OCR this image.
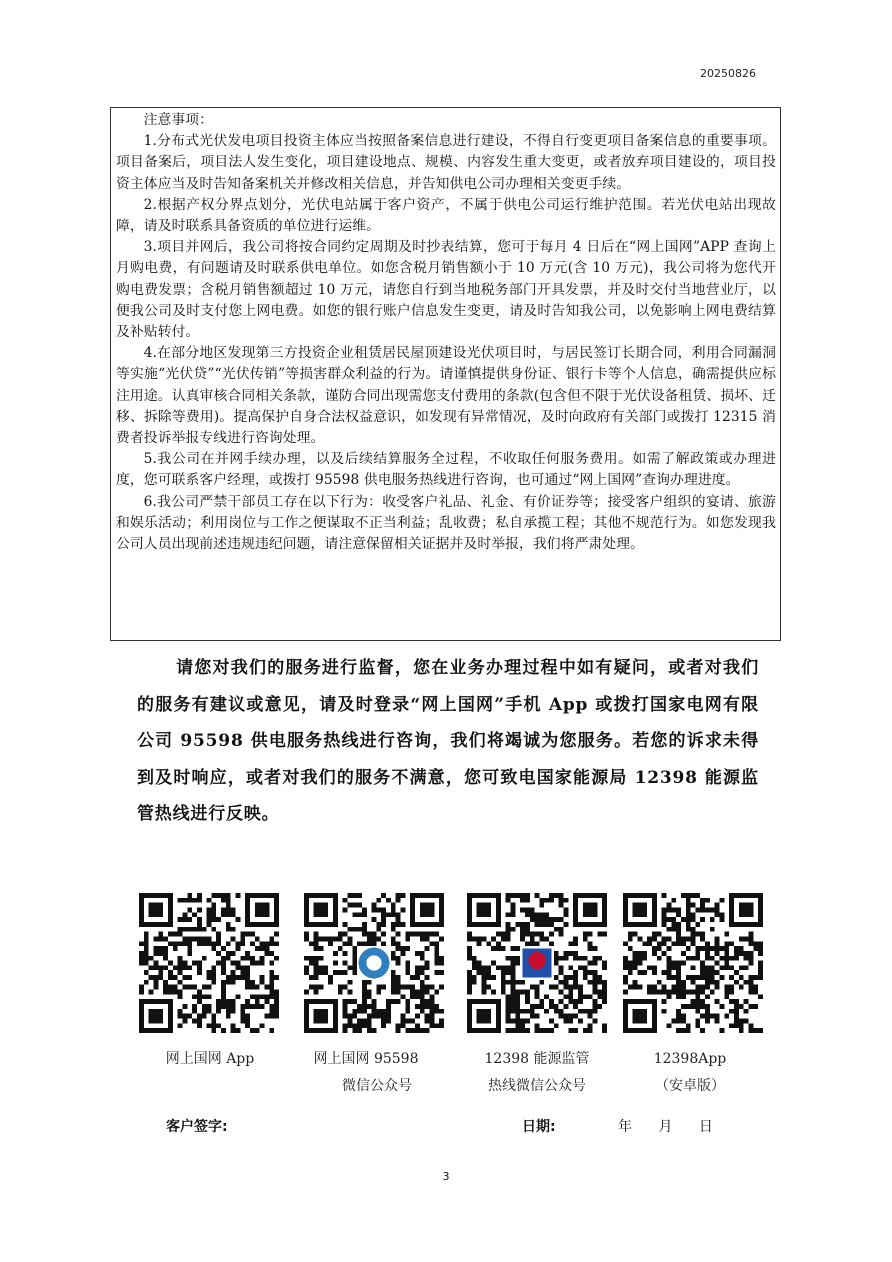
20250826

注意事项：

1.分布式光伏发电项目投资主体应当按照备案信息进行建设，不得自行变更项目备案信息的重要事项。项目备案后，项目法人发生变化，项目建设地点、规模、内容发生重大变更，或者放弃项目建设的，项目投资主体应当及时告知备案机关并修改相关信息，并告知供电公司办理相关变更手续。

2.根据产权分界点划分，光伏电站属于客户资产，不属于供电公司运行维护范围。若光伏电站出现故障，请及时联系具备资质的单位进行运维。

3.项目并网后，我公司将按合同约定周期及时抄表结算，您可于每月 4 日后在“网上国网”APP 查询上月购电费，有问题请及时联系供电单位。如您含税月销售额小于 10 万元(含 10 万元)，我公司将为您代开购电费发票；含税月销售额超过 10 万元，请您自行到当地税务部门开具发票，并及时交付当地营业厅，以便我公司及时支付您上网电费。如您的银行账户信息发生变更，请及时告知我公司，以免影响上网电费结算及补贴转付。

4.在部分地区发现第三方投资企业租赁居民屋顶建设光伏项目时，与居民签订长期合同，利用合同漏洞等实施“光伏贷”“光伏传销”等损害群众利益的行为。请谨慎提供身份证、银行卡等个人信息，确需提供应标注用途。认真审核合同相关条款，谨防合同出现需您支付费用的条款(包含但不限于光伏设备租赁、损坏、迁移、拆除等费用)。提高保护自身合法权益意识，如发现有异常情况，及时向政府有关部门或拨打 12315 消费者投诉举报专线进行咨询处理。

5.我公司在并网手续办理，以及后续结算服务全过程，不收取任何服务费用。如需了解政策或办理进度，您可联系客户经理，或拨打 95598 供电服务热线进行咨询，也可通过“网上国网”查询办理进度。

6.我公司严禁干部员工存在以下行为：收受客户礼品、礼金、有价证券等；接受客户组织的宴请、旅游和娱乐活动；利用岗位与工作之便谋取不正当利益；乱收费；私自承揽工程；其他不规范行为。如您发现我公司人员出现前述违规违纪问题，请注意保留相关证据并及时举报，我们将严肃处理。

请您对我们的服务进行监督，您在业务办理过程中如有疑问，或者对我们的服务有建议或意见，请及时登录“网上国网”手机 App 或拨打国家电网有限公司 95598 供电服务热线进行咨询，我们将竭诚为您服务。若您的诉求未得到及时响应，或者对我们的服务不满意，您可致电国家能源局 12398 能源监管热线进行反映。

网上国网 App	网上国网 95598
微信公众号
12398 能源监管
热线微信公众号
12398App
（安卓版）
客户签字:	日期:	年 月 日
3
